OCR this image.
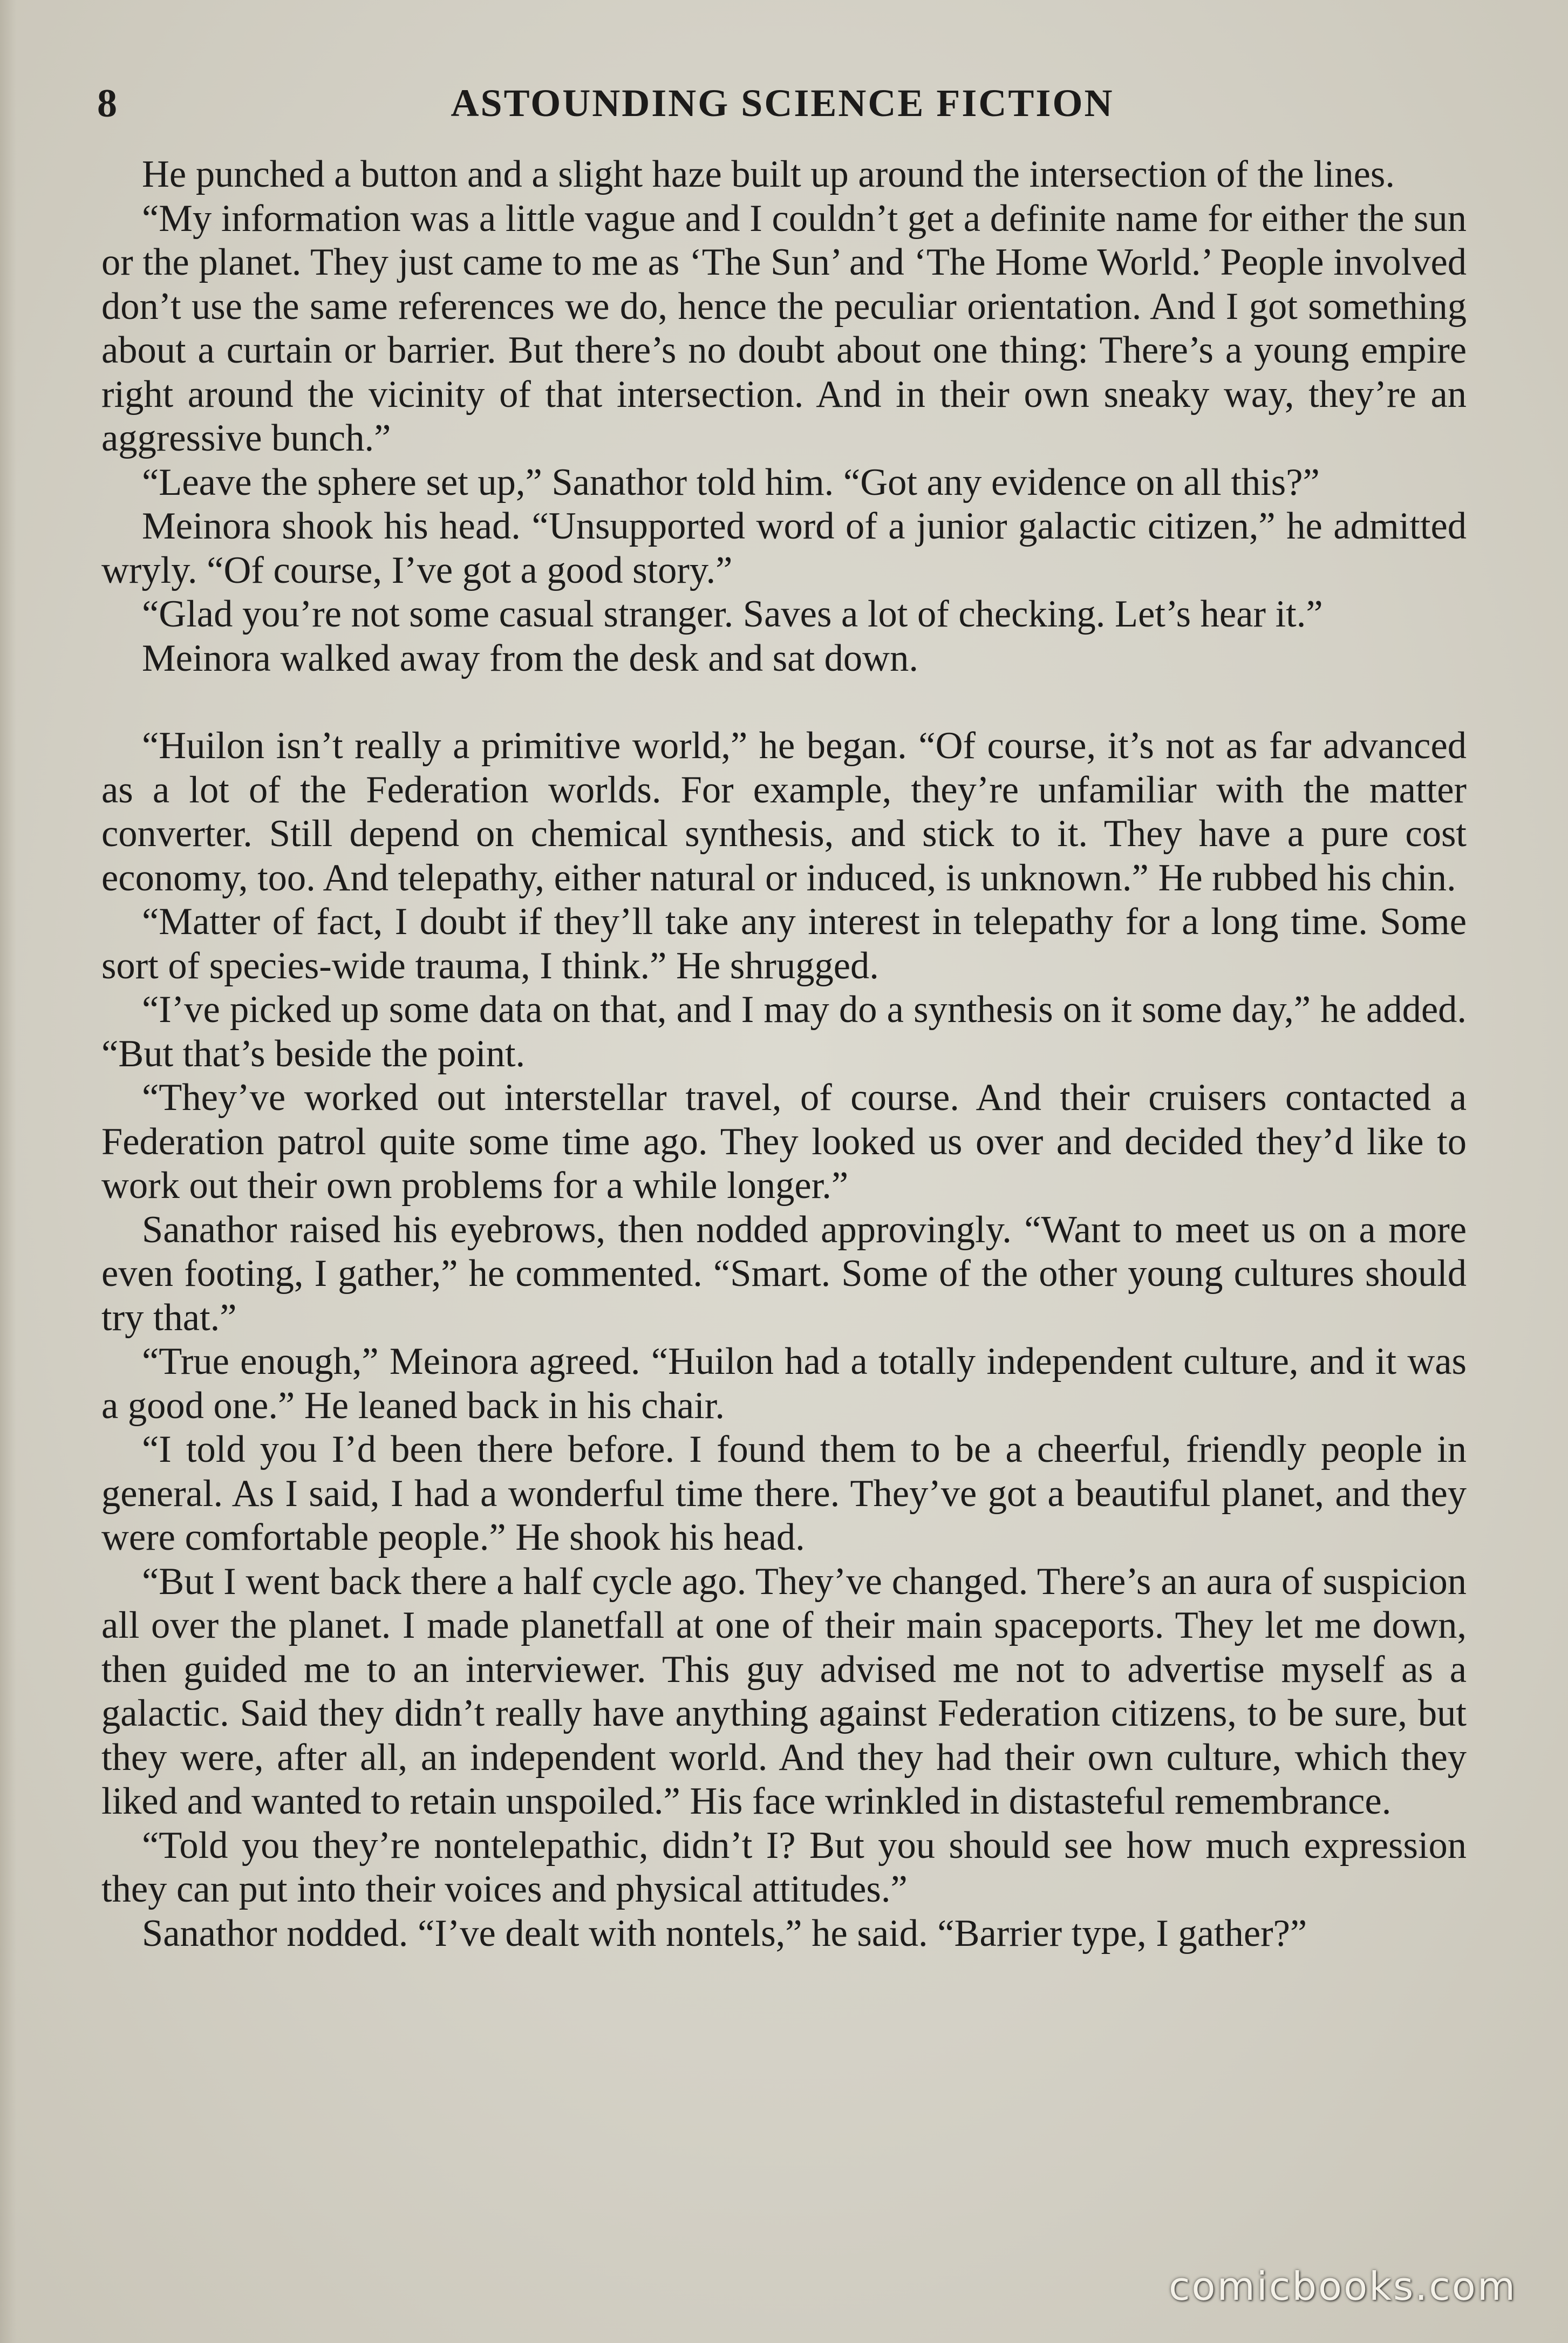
8	ASTOUNDING SCIENCE FICTION

He punched a button and a slight haze built up around the intersection of the lines.

“My information was a little vague and I couldn’t get a definite name for either the sun or the planet. They just came to me as ‘The Sun’ and ‘The Home World.’ People involved don’t use the same references we do, hence the peculiar orientation. And I got something about a curtain or barrier. But there’s no doubt about one thing: There’s a young empire right around the vicinity of that intersection. And in their own sneaky way, they’re an aggressive bunch.”

“Leave the sphere set up,” Sanathor told him. “Got any evidence on all this?”

Meinora shook his head. “Unsupported word of a junior galactic citizen,” he admitted wryly. “Of course, I’ve got a good story.”

“Glad you’re not some casual stranger. Saves a lot of checking. Let’s hear it.”

Meinora walked away from the desk and sat down.

“Huilon isn’t really a primitive world,” he began. “Of course, it’s not as far advanced as a lot of the Federation worlds. For example, they’re unfamiliar with the matter converter. Still depend on chemical synthesis, and stick to it. They have a pure cost economy, too. And telepathy, either natural or induced, is unknown.” He rubbed his chin.

“Matter of fact, I doubt if they’ll take any interest in telepathy for a long time. Some sort of species-wide trauma, I think.” He shrugged.

“I’ve picked up some data on that, and I may do a synthesis on it some day,” he added. “But that’s beside the point.

“They’ve worked out interstellar travel, of course. And their cruisers contacted a Federation patrol quite some time ago. They looked us over and decided they’d like to work out their own problems for a while longer.”

Sanathor raised his eyebrows, then nodded approvingly. “Want to meet us on a more even footing, I gather,” he commented. “Smart. Some of the other young cultures should try that.”

“True enough,” Meinora agreed. “Huilon had a totally independent culture, and it was a good one.” He leaned back in his chair.

“I told you I’d been there before. I found them to be a cheerful, friendly people in general. As I said, I had a wonderful time there. They’ve got a beautiful planet, and they were comfortable people.” He shook his head.

“But I went back there a half cycle ago. They’ve changed. There’s an aura of suspicion all over the planet. I made planetfall at one of their main spaceports. They let me down, then guided me to an interviewer. This guy advised me not to advertise myself as a galactic. Said they didn’t really have anything against Federation citizens, to be sure, but they were, after all, an independent world. And they had their own culture, which they liked and wanted to retain unspoiled.” His face wrinkled in distasteful remembrance.

“Told you they’re nontelepathic, didn’t I? But you should see how much expression they can put into their voices and physical attitudes.”

Sanathor nodded. “I’ve dealt with nontels,” he said. “Barrier type, I gather?”

comicbooks.com
